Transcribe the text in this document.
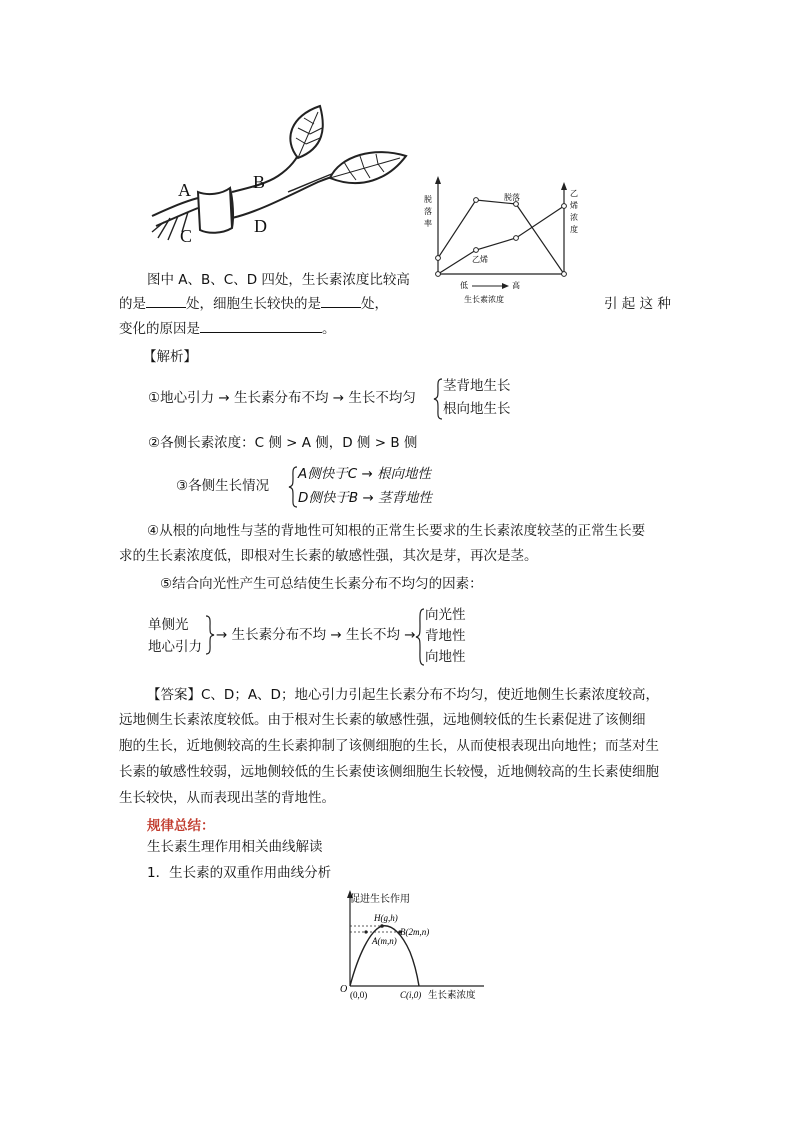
A	B
C	D
脱
落
率
乙
烯
浓
度
脱落
乙烯
低	高
生长素浓度
图中 A、B、C、D 四处，生长素浓度比较高
的是	处，细胞生长较快的是	处，	引 起 这 种
变化的原因是	。
【解析】
①地心引力 → 生长素分布不均 → 生长不均匀
茎背地生长
根向地生长
②各侧长素浓度：C 侧 > A 侧，D 侧 > B 侧
③各侧生长情况
A侧快于C → 根向地性
D侧快于B → 茎背地性
④从根的向地性与茎的背地性可知根的正常生长要求的生长素浓度较茎的正常生长要
求的生长素浓度低，即根对生长素的敏感性强，其次是芽，再次是茎。
⑤结合向光性产生可总结使生长素分布不均匀的因素：
单侧光
地心引力
→ 生长素分布不均 → 生长不均 →
向光性
背地性
向地性
【答案】C、D；A、D；地心引力引起生长素分布不均匀，使近地侧生长素浓度较高，
远地侧生长素浓度较低。由于根对生长素的敏感性强，远地侧较低的生长素促进了该侧细
胞的生长，近地侧较高的生长素抑制了该侧细胞的生长，从而使根表现出向地性；而茎对生
长素的敏感性较弱，远地侧较低的生长素使该侧细胞生长较慢，近地侧较高的生长素使细胞
生长较快，从而表现出茎的背地性。
规律总结：
生长素生理作用相关曲线解读
1．生长素的双重作用曲线分析
促进生长作用
H(g,h)
B(2m,n)
A(m,n)
O (0,0)	C(i,0) 生长素浓度
